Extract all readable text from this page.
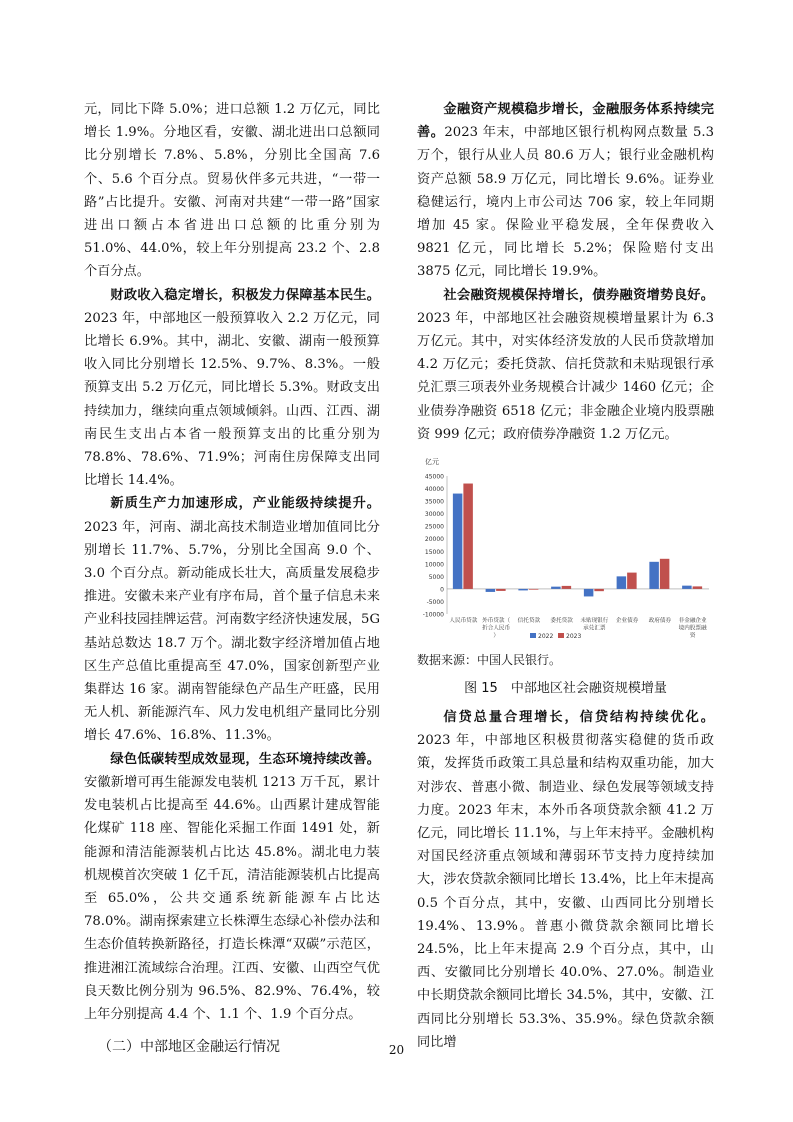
元，同比下降 5.0%；进口总额 1.2 万亿元，同比增长 1.9%。分地区看，安徽、湖北进出口总额同比分别增长 7.8%、5.8%，分别比全国高 7.6 个、5.6 个百分点。贸易伙伴多元共进，“一带一路”占比提升。安徽、河南对共建“一带一路”国家进出口额占本省进出口总额的比重分别为 51.0%、44.0%，较上年分别提高 23.2 个、2.8 个百分点。

财政收入稳定增长，积极发力保障基本民生。2023 年，中部地区一般预算收入 2.2 万亿元，同比增长 6.9%。其中，湖北、安徽、湖南一般预算收入同比分别增长 12.5%、9.7%、8.3%。一般预算支出 5.2 万亿元，同比增长 5.3%。财政支出持续加力，继续向重点领域倾斜。山西、江西、湖南民生支出占本省一般预算支出的比重分别为 78.8%、78.6%、71.9%；河南住房保障支出同比增长 14.4%。

新质生产力加速形成，产业能级持续提升。2023 年，河南、湖北高技术制造业增加值同比分别增长 11.7%、5.7%，分别比全国高 9.0 个、3.0 个百分点。新动能成长壮大，高质量发展稳步推进。安徽未来产业有序布局，首个量子信息未来产业科技园挂牌运营。河南数字经济快速发展，5G 基站总数达 18.7 万个。湖北数字经济增加值占地区生产总值比重提高至 47.0%，国家创新型产业集群达 16 家。湖南智能绿色产品生产旺盛，民用无人机、新能源汽车、风力发电机组产量同比分别增长 47.6%、16.8%、11.3%。

绿色低碳转型成效显现，生态环境持续改善。安徽新增可再生能源发电装机 1213 万千瓦，累计发电装机占比提高至 44.6%。山西累计建成智能化煤矿 118 座、智能化采掘工作面 1491 处，新能源和清洁能源装机占比达 45.8%。湖北电力装机规模首次突破 1 亿千瓦，清洁能源装机占比提高至 65.0%，公共交通系统新能源车占比达 78.0%。湖南探索建立长株潭生态绿心补偿办法和生态价值转换新路径，打造长株潭“双碳”示范区，推进湘江流域综合治理。江西、安徽、山西空气优良天数比例分别为 96.5%、82.9%、76.4%，较上年分别提高 4.4 个、1.1 个、1.9 个百分点。

（二）中部地区金融运行情况

金融资产规模稳步增长，金融服务体系持续完善。2023 年末，中部地区银行机构网点数量 5.3 万个，银行从业人员 80.6 万人；银行业金融机构资产总额 58.9 万亿元，同比增长 9.6%。证券业稳健运行，境内上市公司达 706 家，较上年同期增加 45 家。保险业平稳发展，全年保费收入 9821 亿元，同比增长 5.2%；保险赔付支出 3875 亿元，同比增长 19.9%。

社会融资规模保持增长，债券融资增势良好。2023 年，中部地区社会融资规模增量累计为 6.3 万亿元。其中，对实体经济发放的人民币贷款增加 4.2 万亿元；委托贷款、信托贷款和未贴现银行承兑汇票三项表外业务规模合计减少 1460 亿元；企业债券净融资 6518 亿元；非金融企业境内股票融资 999 亿元；政府债券净融资 1.2 万亿元。

亿元
45000
40000
35000
30000
25000
20000
15000
10000
5000
0
-5000
-10000
人民币贷款 外币贷款（
折合人民币
）
信托贷款 委托贷款 未贴现银行
承兑汇票
企业债券 政府债券 非金融企业
境内股票融
资
2022 2023

数据来源：中国人民银行。

图 15　中部地区社会融资规模增量

信贷总量合理增长，信贷结构持续优化。2023 年，中部地区积极贯彻落实稳健的货币政策，发挥货币政策工具总量和结构双重功能，加大对涉农、普惠小微、制造业、绿色发展等领域支持力度。2023 年末，本外币各项贷款余额 41.2 万亿元，同比增长 11.1%，与上年末持平。金融机构对国民经济重点领域和薄弱环节支持力度持续加大，涉农贷款余额同比增长 13.4%，比上年末提高 0.5 个百分点，其中，安徽、山西同比分别增长 19.4%、13.9%。普惠小微贷款余额同比增长 24.5%，比上年末提高 2.9 个百分点，其中，山西、安徽同比分别增长 40.0%、27.0%。制造业中长期贷款余额同比增长 34.5%，其中，安徽、江西同比分别增长 53.3%、35.9%。绿色贷款余额同比增

20
